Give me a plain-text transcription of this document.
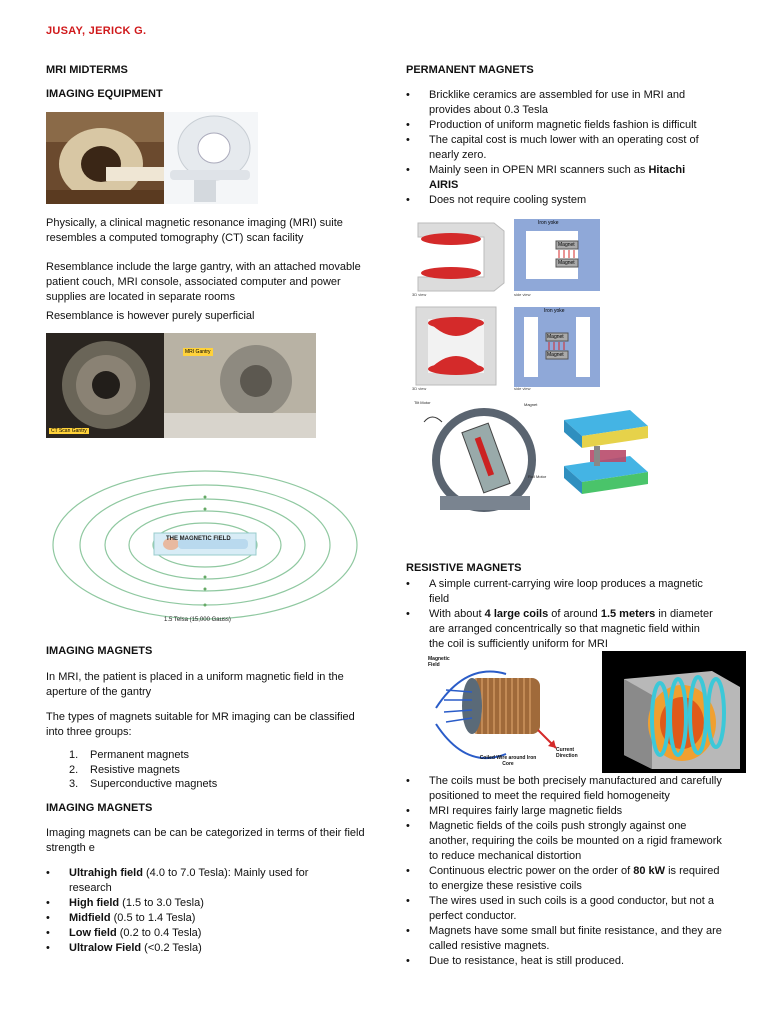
JUSAY, JERICK G.
MRI MIDTERMS
IMAGING EQUIPMENT

Physically, a clinical magnetic resonance imaging (MRI) suite resembles a computed tomography (CT) scan facility

Resemblance include the large gantry, with an attached movable patient couch, MRI console, associated computer and power supplies are located in separate rooms

Resemblance is however purely superficial

MRI Gantry
CT Scan Gantry
THE MAGNETIC FIELD
1.5 Telsa (15,000 Gauss)
IMAGING MAGNETS

In MRI, the patient is placed in a uniform magnetic field in the aperture of the gantry

The types of magnets suitable for MR imaging can be classified into three groups:

1. Permanent magnets
2. Resistive magnets
3. Superconductive magnets
IMAGING MAGNETS

Imaging magnets can be can be categorized in terms of their field strength e

• Ultrahigh field (4.0 to 7.0 Tesla): Mainly used for research
• High field (1.5 to 3.0 Tesla)
• Midfield (0.5 to 1.4 Tesla)
• Low field (0.2 to 0.4 Tesla)
• Ultralow Field (<0.2 Tesla)
PERMANENT MAGNETS
• Bricklike ceramics are assembled for use in MRI and provides about 0.3 Tesla
• Production of uniform magnetic fields fashion is difficult
• The capital cost is much lower with an operating cost of nearly zero.
• Mainly seen in OPEN MRI scanners such as Hitachi AIRIS
• Does not require cooling system
Iron yoke
Magnet
Magnet
3D view	side view
Iron yoke
Magnet
Magnet
3D view	side view
Tilt Motor	Magnet
Roll Motor
RESISTIVE MAGNETS
• A simple current-carrying wire loop produces a magnetic field
• With about 4 large coils of around 1.5 meters in diameter are arranged concentrically so that magnetic field within the coil is sufficiently uniform for MRI
Magnetic Field
Current Direction
Coiled Wire around Iron Core
• The coils must be both precisely manufactured and carefully positioned to meet the required field homogeneity
• MRI requires fairly large magnetic fields
• Magnetic fields of the coils push strongly against one another, requiring the coils be mounted on a rigid framework to reduce mechanical distortion
• Continuous electric power on the order of 80 kW is required to energize these resistive coils
• The wires used in such coils is a good conductor, but not a perfect conductor.
• Magnets have some small but finite resistance, and they are called resistive magnets.
• Due to resistance, heat is still produced.
